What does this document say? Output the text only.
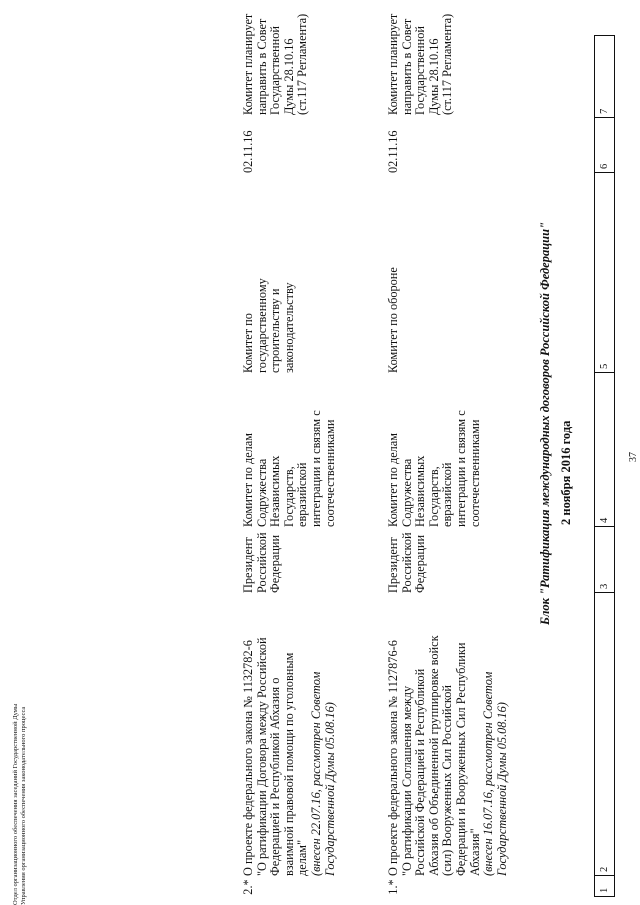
37
1	2	3	4	5	6	7
2 ноября 2016 года
Блок "Ратификация международных договоров Российской Федерации"
1.*
О проекте федерального закона № 1127876-6 "О ратификации Соглашения между Российской Федерацией и Республикой Абхазия об Объединенной группировке войск (сил) Вооруженных Сил Российской Федерации и Вооруженных Сил Республики Абхазия" (внесен 16.07.16, рассмотрен Советом Государственной Думы 05.08.16)
Президент Российской Федерации
Комитет по делам Содружества Независимых Государств, евразийской интеграции и связям с соотечественниками
Комитет по обороне
02.11.16
Комитет планирует направить в Совет Государственной Думы 28.10.16 (ст.117 Регламента)
2.*
О проекте федерального закона № 1132782-6 "О ратификации Договора между Российской Федерацией и Республикой Абхазия о взаимной правовой помощи по уголовным делам" (внесен 22.07.16, рассмотрен Советом Государственной Думы 05.08.16)
Президент Российской Федерации
Комитет по делам Содружества Независимых Государств, евразийской интеграции и связям с соотечественниками
Комитет по государственному строительству и законодательству
02.11.16
Комитет планирует направить в Совет Государственной Думы 28.10.16 (ст.117 Регламента)
Отдел организационного обеспечения заседаний Государственной Думы Управления организационного обеспечения законодательного процесса
